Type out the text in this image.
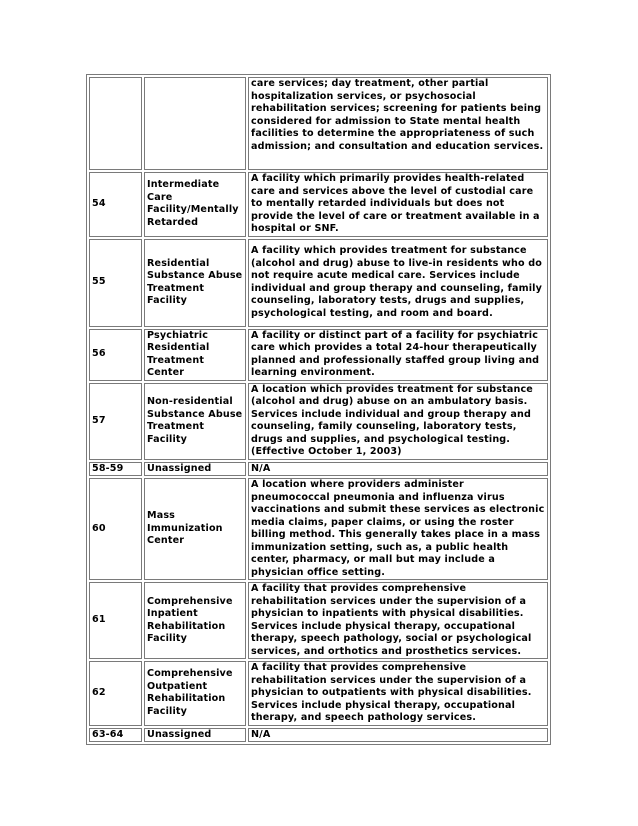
		care services; day treatment, other partial hospitalization services, or psychosocial rehabilitation services; screening for patients being considered for admission to State mental health facilities to determine the appropriateness of such admission; and consultation and education services.
54	Intermediate Care Facility/Mentally Retarded	A facility which primarily provides health-related care and services above the level of custodial care to mentally retarded individuals but does not provide the level of care or treatment available in a hospital or SNF.
55	Residential Substance Abuse Treatment Facility	A facility which provides treatment for substance (alcohol and drug) abuse to live-in residents who do not require acute medical care. Services include individual and group therapy and counseling, family counseling, laboratory tests, drugs and supplies, psychological testing, and room and board.
56	Psychiatric Residential Treatment Center	A facility or distinct part of a facility for psychiatric care which provides a total 24-hour therapeutically planned and professionally staffed group living and learning environment.
57	Non-residential Substance Abuse Treatment Facility	A location which provides treatment for substance (alcohol and drug) abuse on an ambulatory basis. Services include individual and group therapy and counseling, family counseling, laboratory tests, drugs and supplies, and psychological testing. (Effective October 1, 2003)
58-59	Unassigned	N/A
60	Mass Immunization Center	A location where providers administer pneumococcal pneumonia and influenza virus vaccinations and submit these services as electronic media claims, paper claims, or using the roster billing method. This generally takes place in a mass immunization setting, such as, a public health center, pharmacy, or mall but may include a physician office setting.
61	Comprehensive Inpatient Rehabilitation Facility	A facility that provides comprehensive rehabilitation services under the supervision of a physician to inpatients with physical disabilities. Services include physical therapy, occupational therapy, speech pathology, social or psychological services, and orthotics and prosthetics services.
62	Comprehensive Outpatient Rehabilitation Facility	A facility that provides comprehensive rehabilitation services under the supervision of a physician to outpatients with physical disabilities. Services include physical therapy, occupational therapy, and speech pathology services.
63-64	Unassigned	N/A
